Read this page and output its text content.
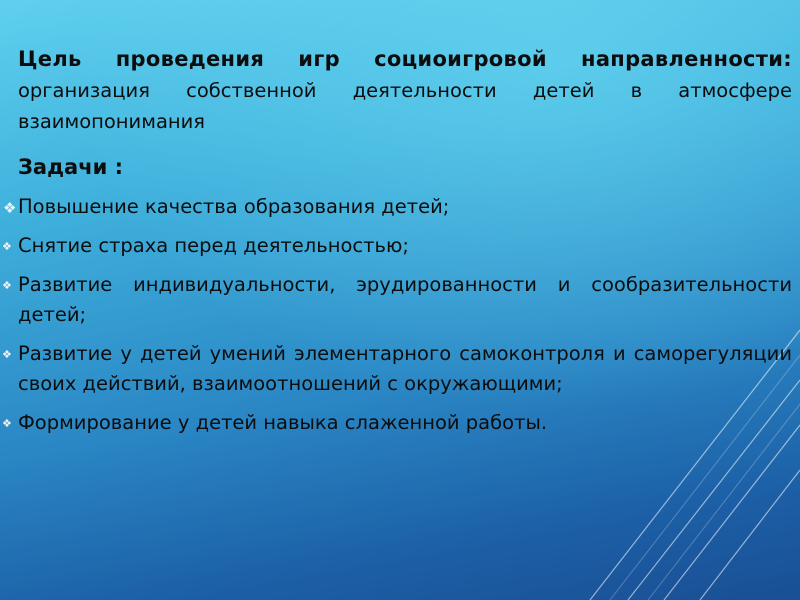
Цель проведения игр социоигровой направленности: организация собственной деятельности детей в атмосфере взаимопонимания

Задачи :
❖ Повышение качества образования детей;
❖ Снятие страха перед деятельностью;
❖ Развитие индивидуальности, эрудированности и сообразительности детей;
❖ Развитие у детей умений элементарного самоконтроля и саморегуляции своих действий, взаимоотношений с окружающими;
❖ Формирование у детей навыка слаженной работы.
